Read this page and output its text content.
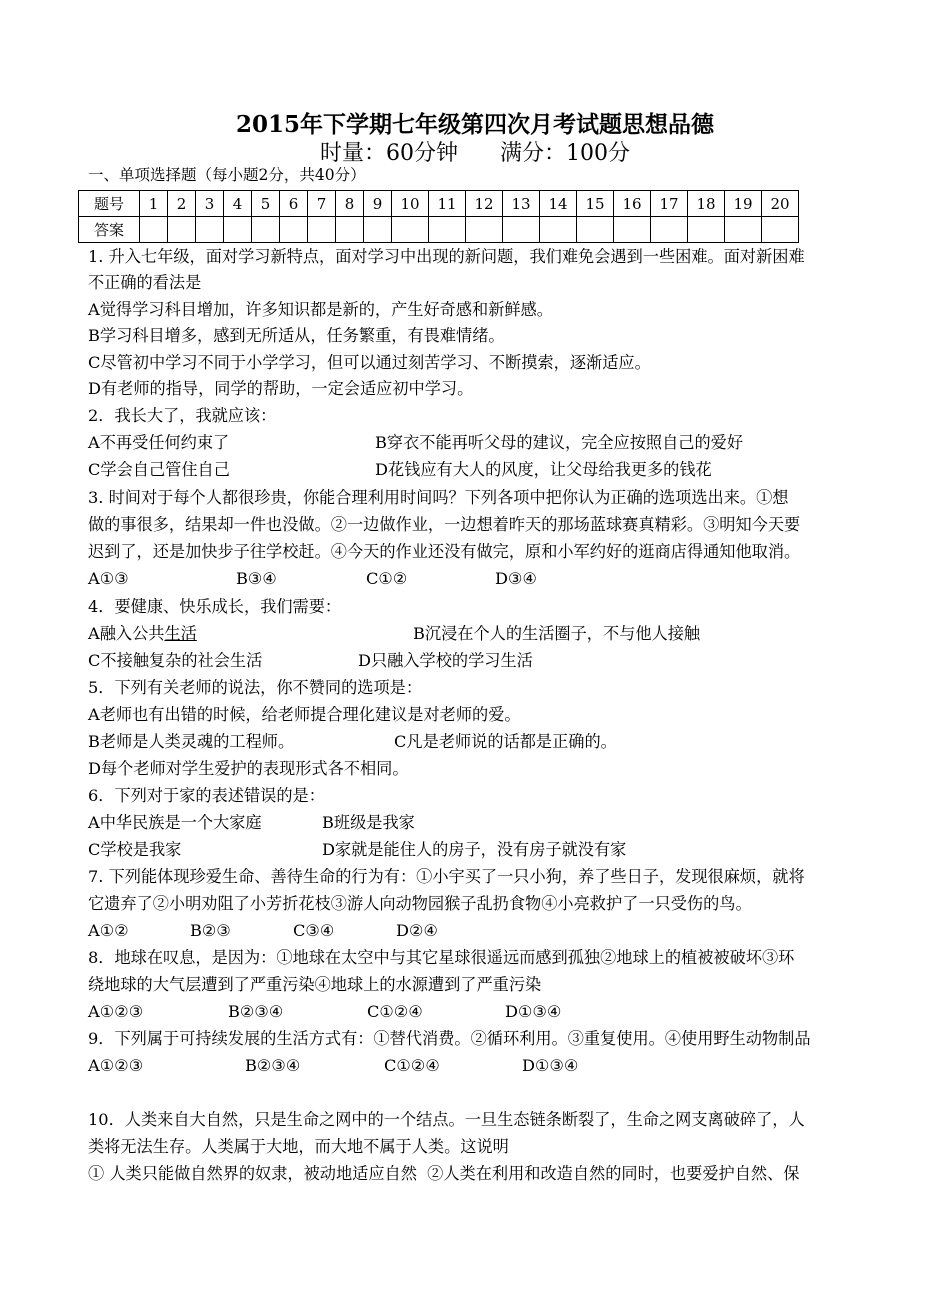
2015年下学期七年级第四次月考试题思想品德
时量：60分钟      满分：100分
一、单项选择题（每小题2分，共40分）
题号	1	2	3	4	5	6	7	8	9	10	11	12	13	14	15	16	17	18	19	20
答案																				
1. 升入七年级，面对学习新特点，面对学习中出现的新问题，我们难免会遇到一些困难。面对新困难
不正确的看法是
A觉得学习科目增加，许多知识都是新的，产生好奇感和新鲜感。
B学习科目增多，感到无所适从，任务繁重，有畏难情绪。
C尽管初中学习不同于小学学习，但可以通过刻苦学习、不断摸索，逐渐适应。
D有老师的指导，同学的帮助，一定会适应初中学习。
2．我长大了，我就应该：
A不再受任何约束了	B穿衣不能再听父母的建议，完全应按照自己的爱好
C学会自己管住自己	D花钱应有大人的风度，让父母给我更多的钱花
3. 时间对于每个人都很珍贵，你能合理利用时间吗？下列各项中把你认为正确的选项选出来。①想
做的事很多，结果却一件也没做。②一边做作业，一边想着昨天的那场蓝球赛真精彩。③明知今天要
迟到了，还是加快步子往学校赶。④今天的作业还没有做完，原和小军约好的逛商店得通知他取消。
A①③	B③④	C①②	D③④
4．要健康、快乐成长，我们需要：
A融入公共生活	B沉浸在个人的生活圈子，不与他人接触
C不接触复杂的社会生活	D只融入学校的学习生活
5．下列有关老师的说法，你不赞同的选项是：
A老师也有出错的时候，给老师提合理化建议是对老师的爱。
B老师是人类灵魂的工程师。	C凡是老师说的话都是正确的。
D每个老师对学生爱护的表现形式各不相同。
6．下列对于家的表述错误的是：
A中华民族是一个大家庭	B班级是我家
C学校是我家	D家就是能住人的房子，没有房子就没有家
7. 下列能体现珍爱生命、善待生命的行为有：①小宇买了一只小狗，养了些日子，发现很麻烦，就将
它遗弃了②小明劝阻了小芳折花枝③游人向动物园猴子乱扔食物④小亮救护了一只受伤的鸟。
A①②	B②③	C③④	D②④
8．地球在叹息，是因为：①地球在太空中与其它星球很遥远而感到孤独②地球上的植被被破坏③环
绕地球的大气层遭到了严重污染④地球上的水源遭到了严重污染
A①②③	B②③④	C①②④	D①③④
9．下列属于可持续发展的生活方式有：①替代消费。②循环利用。③重复使用。④使用野生动物制品
A①②③	B②③④	C①②④	D①③④
10．人类来自大自然，只是生命之网中的一个结点。一旦生态链条断裂了，生命之网支离破碎了，人
类将无法生存。人类属于大地，而大地不属于人类。这说明
① 人类只能做自然界的奴隶，被动地适应自然  ②人类在利用和改造自然的同时，也要爱护自然、保
